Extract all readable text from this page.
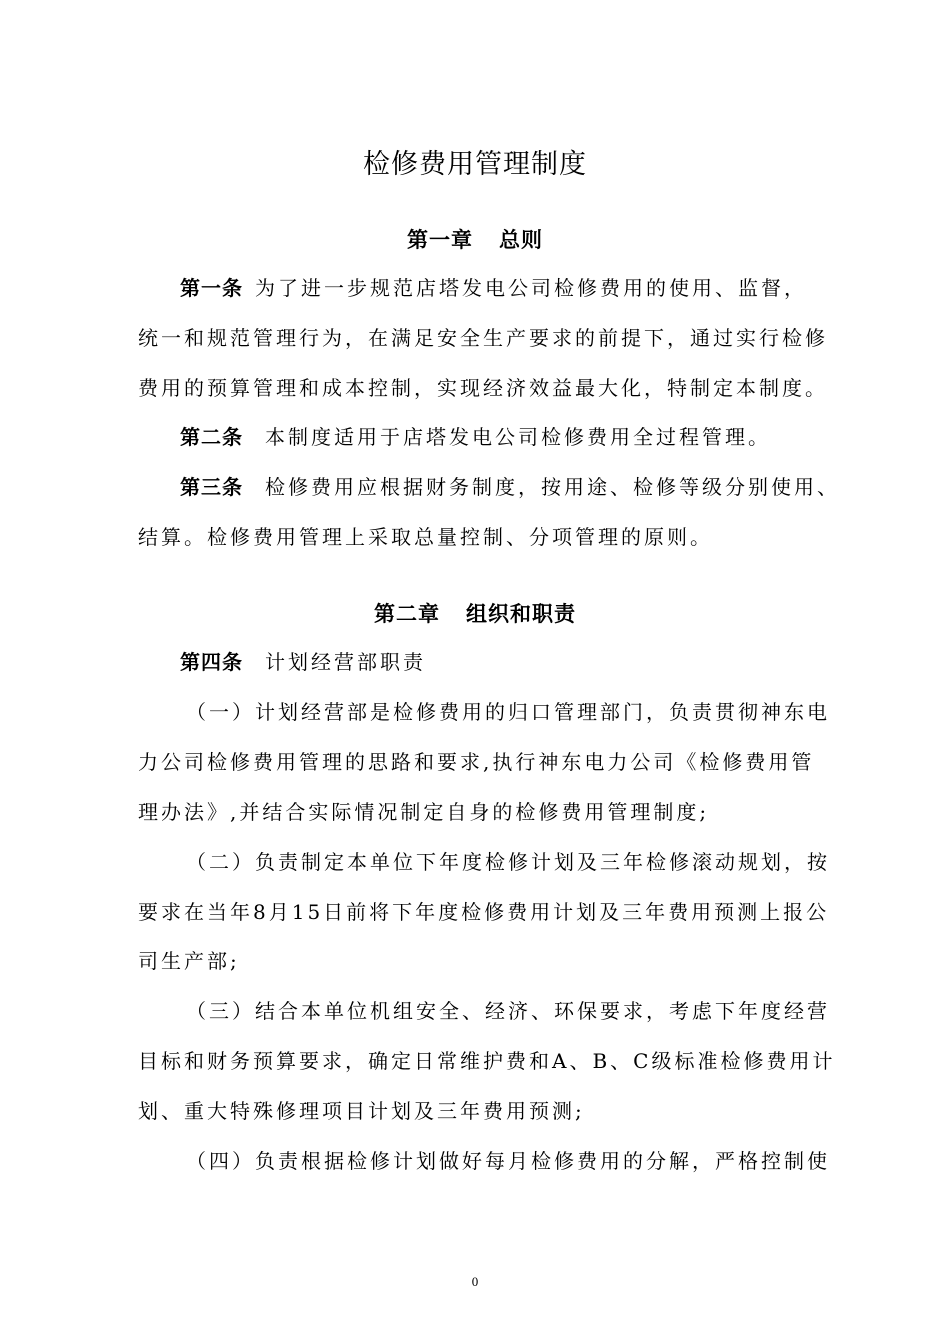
检修费用管理制度
第一章 总则
第一条 为了进一步规范店塔发电公司检修费用的使用、监督，
统一和规范管理行为，在满足安全生产要求的前提下，通过实行检修
费用的预算管理和成本控制，实现经济效益最大化，特制定本制度。
第二条 本制度适用于店塔发电公司检修费用全过程管理。
第三条 检修费用应根据财务制度，按用途、检修等级分别使用、
结算。检修费用管理上采取总量控制、分项管理的原则。
第二章 组织和职责
第四条 计划经营部职责
（一）计划经营部是检修费用的归口管理部门，负责贯彻神东电
力公司检修费用管理的思路和要求,执行神东电力公司《检修费用管
理办法》,并结合实际情况制定自身的检修费用管理制度;
（二）负责制定本单位下年度检修计划及三年检修滚动规划，按
要求在当年8月15日前将下年度检修费用计划及三年费用预测上报公
司生产部;
（三）结合本单位机组安全、经济、环保要求，考虑下年度经营
目标和财务预算要求，确定日常维护费和A、B、C级标准检修费用计
划、重大特殊修理项目计划及三年费用预测;
（四）负责根据检修计划做好每月检修费用的分解，严格控制使
0
